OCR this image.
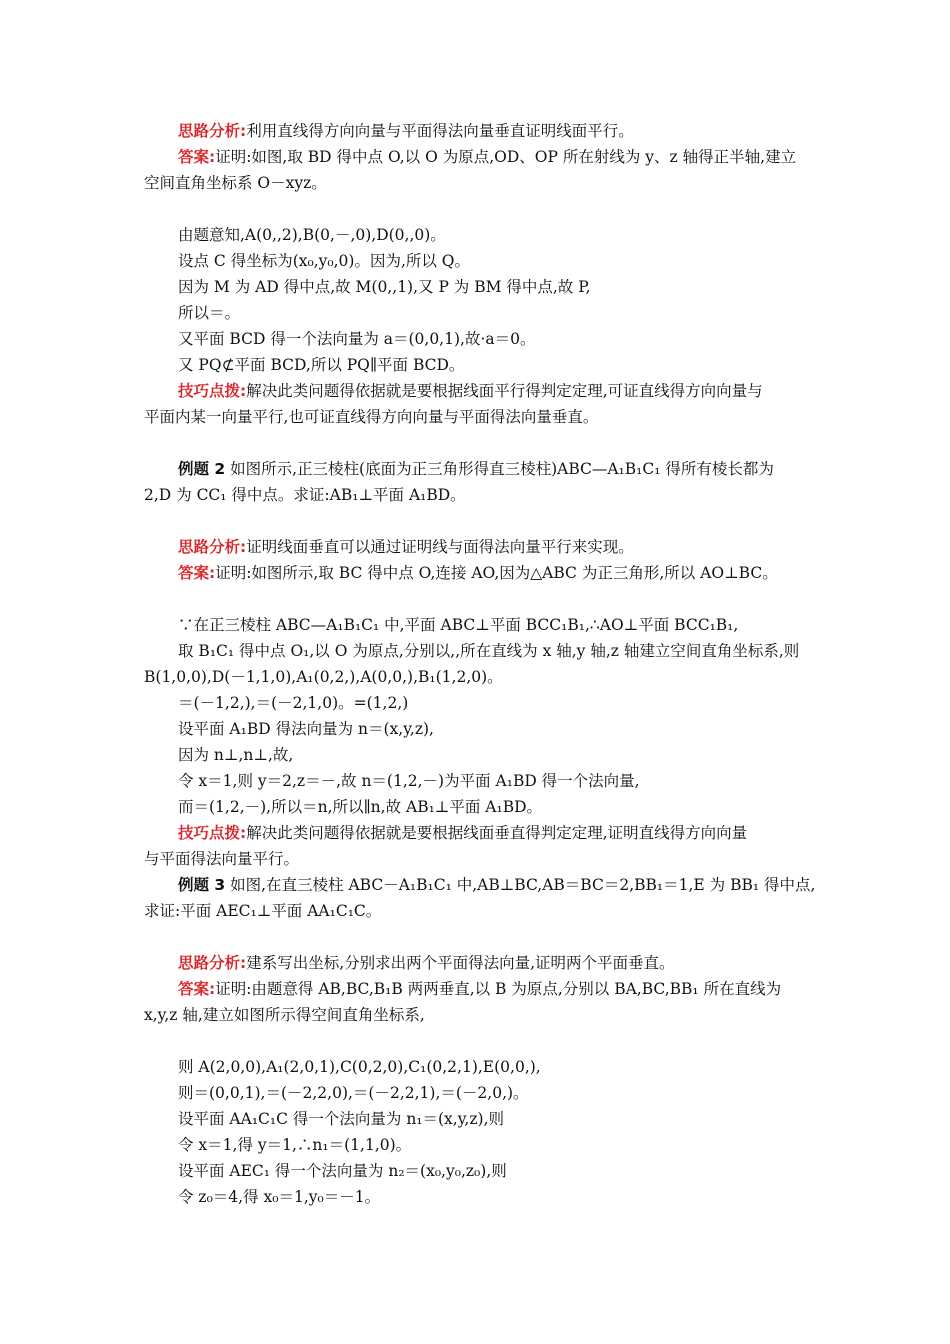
思路分析:利用直线得方向向量与平面得法向量垂直证明线面平行。
答案:证明:如图,取 BD 得中点 O,以 O 为原点,OD、OP 所在射线为 y、z 轴得正半轴,建立
空间直角坐标系 O－xyz。
由题意知,A(0,,2),B(0,－,0),D(0,,0)。
设点 C 得坐标为(x₀,y₀,0)。因为,所以 Q。
因为 M 为 AD 得中点,故 M(0,,1),又 P 为 BM 得中点,故 P,
所以＝。
又平面 BCD 得一个法向量为 a＝(0,0,1),故·a＝0。
又 PQ⊄平面 BCD,所以 PQ∥平面 BCD。
技巧点拨:解决此类问题得依据就是要根据线面平行得判定定理,可证直线得方向向量与
平面内某一向量平行,也可证直线得方向向量与平面得法向量垂直。
例题 2 如图所示,正三棱柱(底面为正三角形得直三棱柱)ABC—A₁B₁C₁ 得所有棱长都为
2,D 为 CC₁ 得中点。求证:AB₁⊥平面 A₁BD。
思路分析:证明线面垂直可以通过证明线与面得法向量平行来实现。
答案:证明:如图所示,取 BC 得中点 O,连接 AO,因为△ABC 为正三角形,所以 AO⊥BC。
∵在正三棱柱 ABC—A₁B₁C₁ 中,平面 ABC⊥平面 BCC₁B₁,∴AO⊥平面 BCC₁B₁,
取 B₁C₁ 得中点 O₁,以 O 为原点,分别以,,所在直线为 x 轴,y 轴,z 轴建立空间直角坐标系,则
B(1,0,0),D(－1,1,0),A₁(0,2,),A(0,0,),B₁(1,2,0)。
＝(－1,2,),＝(－2,1,0)。=(1,2,)
设平面 A₁BD 得法向量为 n＝(x,y,z),
因为 n⊥,n⊥,故,
令 x＝1,则 y＝2,z＝－,故 n＝(1,2,－)为平面 A₁BD 得一个法向量,
而＝(1,2,－),所以＝n,所以∥n,故 AB₁⊥平面 A₁BD。
技巧点拨:解决此类问题得依据就是要根据线面垂直得判定定理,证明直线得方向向量
与平面得法向量平行。
例题 3 如图,在直三棱柱 ABC－A₁B₁C₁ 中,AB⊥BC,AB＝BC＝2,BB₁＝1,E 为 BB₁ 得中点,
求证:平面 AEC₁⊥平面 AA₁C₁C。
思路分析:建系写出坐标,分别求出两个平面得法向量,证明两个平面垂直。
答案:证明:由题意得 AB,BC,B₁B 两两垂直,以 B 为原点,分别以 BA,BC,BB₁ 所在直线为
x,y,z 轴,建立如图所示得空间直角坐标系,
则 A(2,0,0),A₁(2,0,1),C(0,2,0),C₁(0,2,1),E(0,0,),
则＝(0,0,1),＝(－2,2,0),＝(－2,2,1),＝(－2,0,)。
设平面 AA₁C₁C 得一个法向量为 n₁＝(x,y,z),则
令 x＝1,得 y＝1,∴n₁＝(1,1,0)。
设平面 AEC₁ 得一个法向量为 n₂＝(x₀,y₀,z₀),则
令 z₀＝4,得 x₀＝1,y₀＝－1。
